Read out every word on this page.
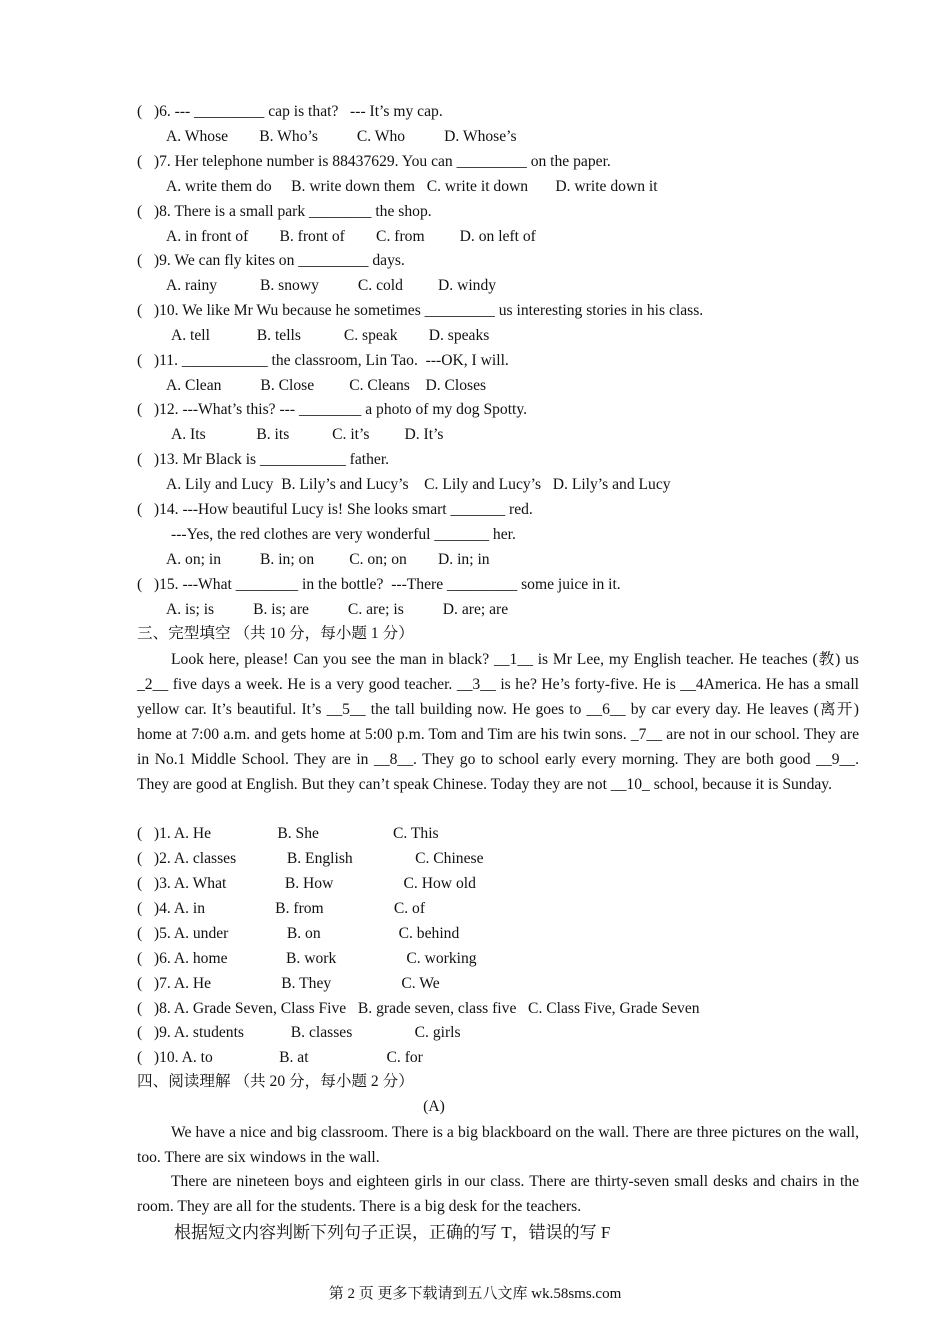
(   )6. --- _________ cap is that?   --- It’s my cap.
A. Whose        B. Who’s          C. Who          D. Whose’s
(   )7. Her telephone number is 88437629. You can _________ on the paper.
A. write them do     B. write down them   C. write it down       D. write down it
(   )8. There is a small park ________ the shop.
A. in front of        B. front of        C. from         D. on left of
(   )9. We can fly kites on _________ days.
A. rainy           B. snowy          C. cold         D. windy
(   )10. We like Mr Wu because he sometimes _________ us interesting stories in his class.
A. tell            B. tells           C. speak        D. speaks
(   )11. ___________ the classroom, Lin Tao.  ---OK, I will.
A. Clean          B. Close         C. Cleans    D. Closes
(   )12. ---What’s this? --- ________ a photo of my dog Spotty.
A. Its             B. its           C. it’s         D. It’s
(   )13. Mr Black is ___________ father.
A. Lily and Lucy  B. Lily’s and Lucy’s    C. Lily and Lucy’s   D. Lily’s and Lucy
(   )14. ---How beautiful Lucy is! She looks smart _______ red.
---Yes, the red clothes are very wonderful _______ her.
A. on; in          B. in; on         C. on; on        D. in; in
(   )15. ---What ________ in the bottle?  ---There _________ some juice in it.
A. is; is          B. is; are          C. are; is          D. are; are
三、完型填空 （共 10 分，每小题 1 分）

Look here, please! Can you see the man in black? __1__ is Mr Lee, my English teacher. He teaches (教) us _2__ five days a week. He is a very good teacher. __3__ is he? He’s forty-five. He is __4America. He has a small yellow car. It’s beautiful. It’s __5__ the tall building now. He goes to __6__ by car every day. He leaves (离开) home at 7:00 a.m. and gets home at 5:00 p.m. Tom and Tim are his twin sons. _7__ are not in our school. They are in No.1 Middle School. They are in __8__. They go to school early every morning. They are both good __9__. They are good at English. But they can’t speak Chinese. Today they are not __10_ school, because it is Sunday.

(   )1. A. He                 B. She                   C. This
(   )2. A. classes             B. English                C. Chinese
(   )3. A. What               B. How                  C. How old
(   )4. A. in                  B. from                  C. of
(   )5. A. under               B. on                    C. behind
(   )6. A. home               B. work                  C. working
(   )7. A. He                  B. They                  C. We
(   )8. A. Grade Seven, Class Five   B. grade seven, class five   C. Class Five, Grade Seven
(   )9. A. students            B. classes                C. girls
(   )10. A. to                 B. at                    C. for
四、阅读理解 （共 20 分，每小题 2 分）
(A)

We have a nice and big classroom. There is a big blackboard on the wall. There are three pictures on the wall, too. There are six windows in the wall.

There are nineteen boys and eighteen girls in our class. There are thirty-seven small desks and chairs in the room. They are all for the students. There is a big desk for the teachers.

根据短文内容判断下列句子正误，正确的写 T，错误的写 F
第 2 页 更多下载请到五八文库 wk.58sms.com
